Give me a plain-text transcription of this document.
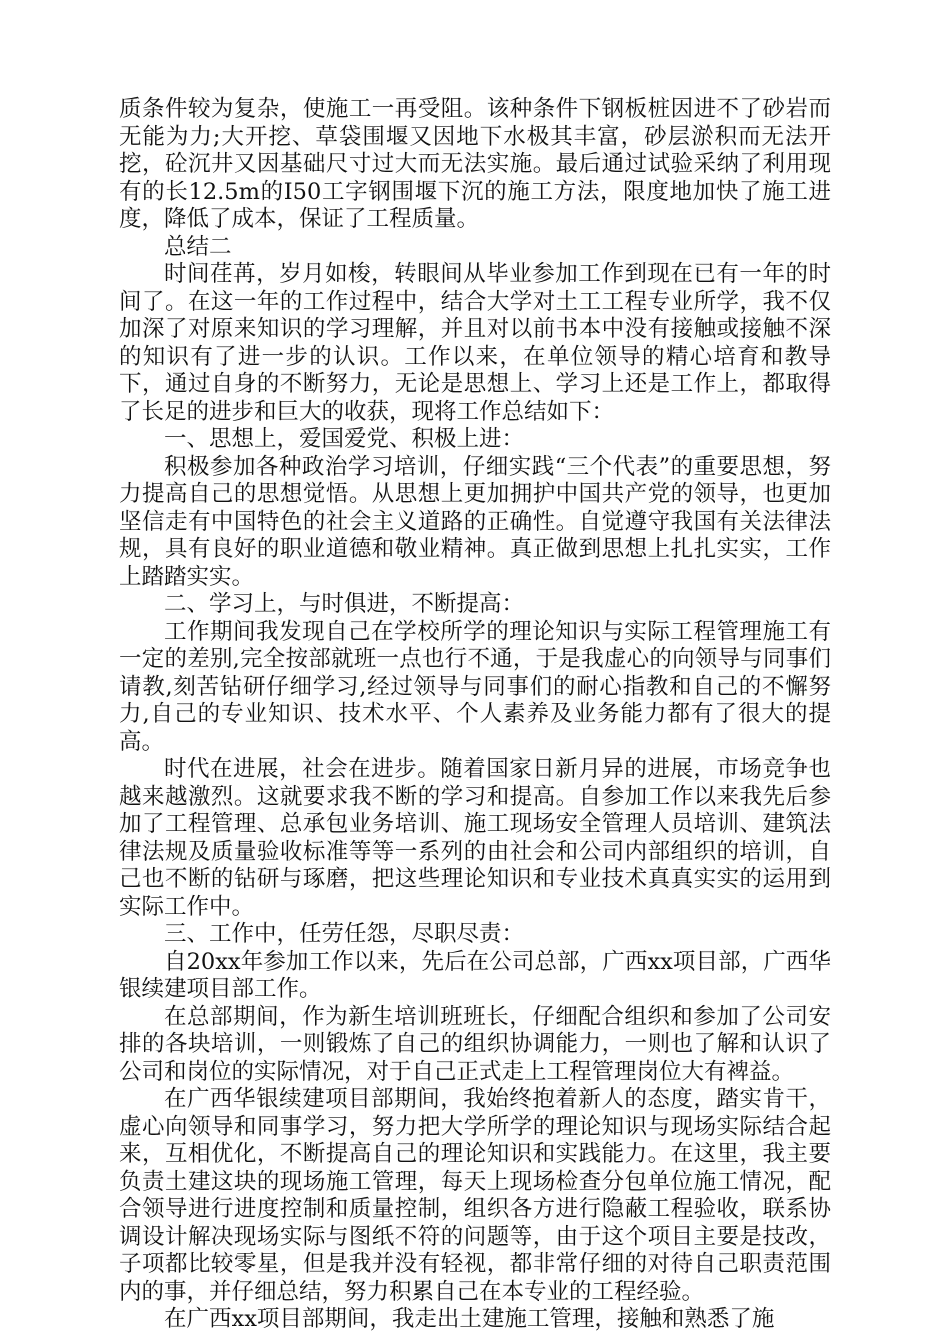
质条件较为复杂，使施工一再受阻。该种条件下钢板桩因进不了砂岩而无能为力;大开挖、草袋围堰又因地下水极其丰富，砂层淤积而无法开挖，砼沉井又因基础尺寸过大而无法实施。最后通过试验采纳了利用现有的长12.5m的I50工字钢围堰下沉的施工方法，限度地加快了施工进度，降低了成本，保证了工程质量。

总结二

时间荏苒，岁月如梭，转眼间从毕业参加工作到现在已有一年的时间了。在这一年的工作过程中，结合大学对土工工程专业所学，我不仅加深了对原来知识的学习理解，并且对以前书本中没有接触或接触不深的知识有了进一步的认识。工作以来，在单位领导的精心培育和教导下，通过自身的不断努力，无论是思想上、学习上还是工作上，都取得了长足的进步和巨大的收获，现将工作总结如下：

一、思想上，爱国爱党、积极上进：

积极参加各种政治学习培训，仔细实践“三个代表”的重要思想，努力提高自己的思想觉悟。从思想上更加拥护中国共产党的领导，也更加坚信走有中国特色的社会主义道路的正确性。自觉遵守我国有关法律法规，具有良好的职业道德和敬业精神。真正做到思想上扎扎实实，工作上踏踏实实。

二、学习上，与时俱进，不断提高：

工作期间我发现自己在学校所学的理论知识与实际工程管理施工有一定的差别,完全按部就班一点也行不通，于是我虚心的向领导与同事们请教,刻苦钻研仔细学习,经过领导与同事们的耐心指教和自己的不懈努力,自己的专业知识、技术水平、个人素养及业务能力都有了很大的提高。

时代在进展，社会在进步。随着国家日新月异的进展，市场竞争也越来越激烈。这就要求我不断的学习和提高。自参加工作以来我先后参加了工程管理、总承包业务培训、施工现场安全管理人员培训、建筑法律法规及质量验收标准等等一系列的由社会和公司内部组织的培训，自己也不断的钻研与琢磨，把这些理论知识和专业技术真真实实的运用到实际工作中。

三、工作中，任劳任怨，尽职尽责：

自20xx年参加工作以来，先后在公司总部，广西xx项目部，广西华银续建项目部工作。

在总部期间，作为新生培训班班长，仔细配合组织和参加了公司安排的各块培训，一则锻炼了自己的组织协调能力，一则也了解和认识了公司和岗位的实际情况，对于自己正式走上工程管理岗位大有裨益。

在广西华银续建项目部期间，我始终抱着新人的态度，踏实肯干，虚心向领导和同事学习，努力把大学所学的理论知识与现场实际结合起来，互相优化，不断提高自己的理论知识和实践能力。在这里，我主要负责土建这块的现场施工管理，每天上现场检查分包单位施工情况，配合领导进行进度控制和质量控制，组织各方进行隐蔽工程验收，联系协调设计解决现场实际与图纸不符的问题等，由于这个项目主要是技改，子项都比较零星，但是我并没有轻视，都非常仔细的对待自己职责范围内的事，并仔细总结，努力积累自己在本专业的工程经验。

在广西xx项目部期间，我走出土建施工管理，接触和熟悉了施
